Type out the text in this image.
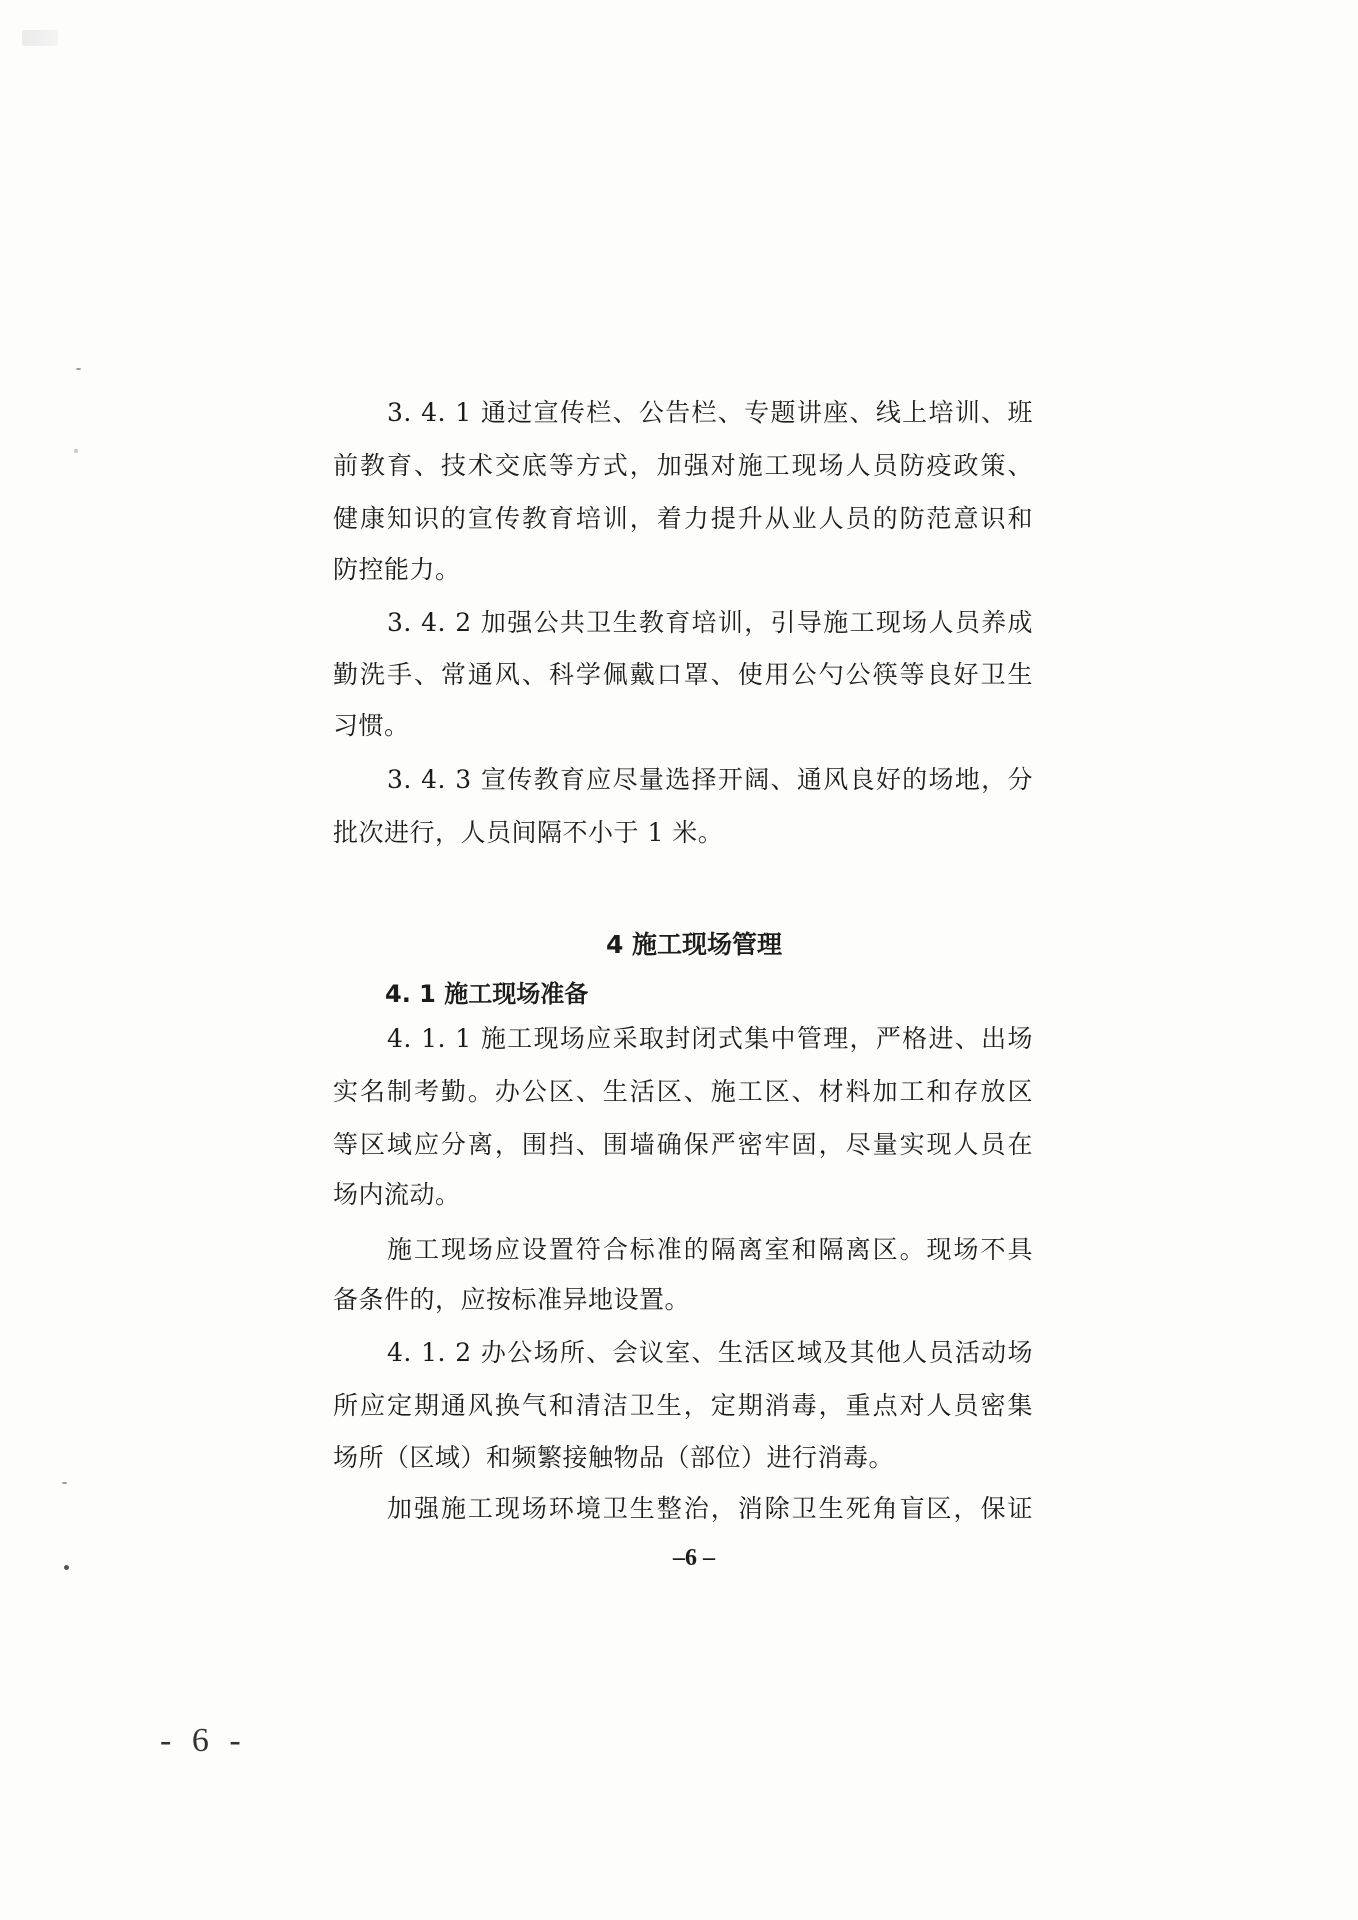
3. 4. 1 通过宣传栏、公告栏、专题讲座、线上培训、班
前教育、技术交底等方式，加强对施工现场人员防疫政策、
健康知识的宣传教育培训，着力提升从业人员的防范意识和
防控能力。
3. 4. 2 加强公共卫生教育培训，引导施工现场人员养成
勤洗手、常通风、科学佩戴口罩、使用公勺公筷等良好卫生
习惯。
3. 4. 3 宣传教育应尽量选择开阔、通风良好的场地，分
批次进行，人员间隔不小于 1 米。
4 施工现场管理
4. 1 施工现场准备
4. 1. 1 施工现场应采取封闭式集中管理，严格进、出场
实名制考勤。办公区、生活区、施工区、材料加工和存放区
等区域应分离，围挡、围墙确保严密牢固，尽量实现人员在
场内流动。
施工现场应设置符合标准的隔离室和隔离区。现场不具
备条件的，应按标准异地设置。
4. 1. 2 办公场所、会议室、生活区域及其他人员活动场
所应定期通风换气和清洁卫生，定期消毒，重点对人员密集
场所（区域）和频繁接触物品（部位）进行消毒。
加强施工现场环境卫生整治，消除卫生死角盲区，保证
–6 –
- 6 -
